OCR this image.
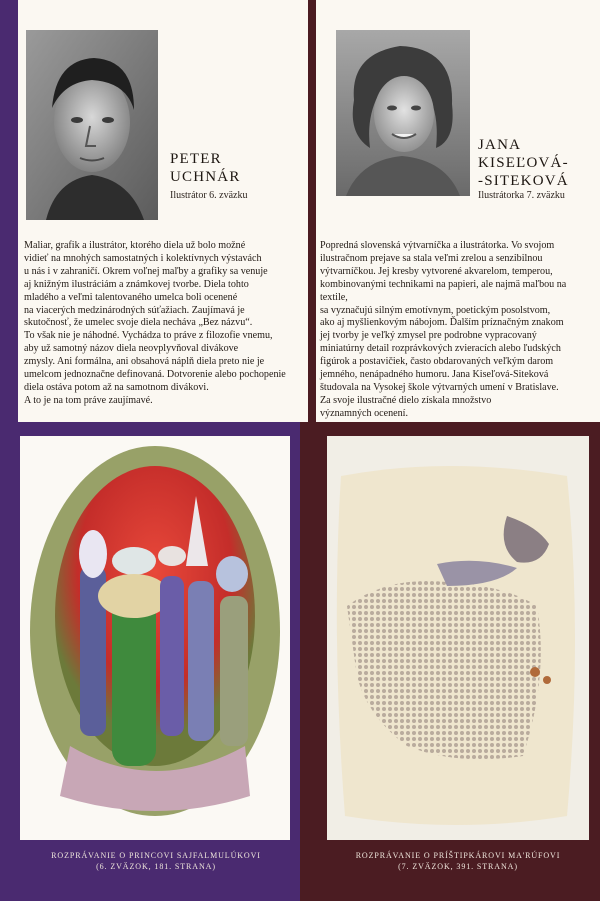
PETER
UCHNÁR
Ilustrátor 6. zväzku
Maliar, grafik a ilustrátor, ktorého diela už bolo možné
vidieť na mnohých samostatných i kolektívnych výstavách
u nás i v zahraničí. Okrem voľnej maľby a grafiky sa venuje
aj knižným ilustráciám a známkovej tvorbe. Diela tohto
mladého a veľmi talentovaného umelca boli ocenené
na viacerých medzinárodných súťažiach. Zaujímavá je
skutočnosť, že umelec svoje diela necháva „Bez názvu“.
To však nie je náhodné. Vychádza to práve z filozofie vnemu,
aby už samotný názov diela neovplyvňoval divákove
zmysly. Ani formálna, ani obsahová náplň diela preto nie je
umelcom jednoznačne definovaná. Dotvorenie alebo pochopenie
diela ostáva potom až na samotnom divákovi.
A to je na tom práve zaujímavé.
JANA
KISEĽOVÁ-
-SITEKOVÁ
Ilustrátorka 7. zväzku
Popredná slovenská výtvarníčka a ilustrátorka. Vo svojom
ilustračnom prejave sa stala veľmi zrelou a senzibilnou
výtvarníčkou. Jej kresby vytvorené akvarelom, temperou,
kombinovanými technikami na papieri, ale najmä maľbou na textile,
sa vyznačujú silným emotívnym, poetickým posolstvom,
ako aj myšlienkovým nábojom. Ďalším príznačným znakom
jej tvorby je veľký zmysel pre podrobne vypracovaný
miniatúrny detail rozprávkových zvieracích alebo ľudských
figúrok a postavičiek, často obdarovaných veľkým darom
jemného, nenápadného humoru. Jana Kiseľová-Siteková
študovala na Vysokej škole výtvarných umení v Bratislave.
Za svoje ilustračné dielo získala množstvo
významných ocenení.
ROZPRÁVANIE O PRINCOVI SAJFALMULÚKOVI
(6. ZVÄZOK, 181. STRANA)
ROZPRÁVANIE O PRÍŠTIPKÁROVI MA'RÚFOVI
(7. ZVÄZOK, 391. STRANA)
